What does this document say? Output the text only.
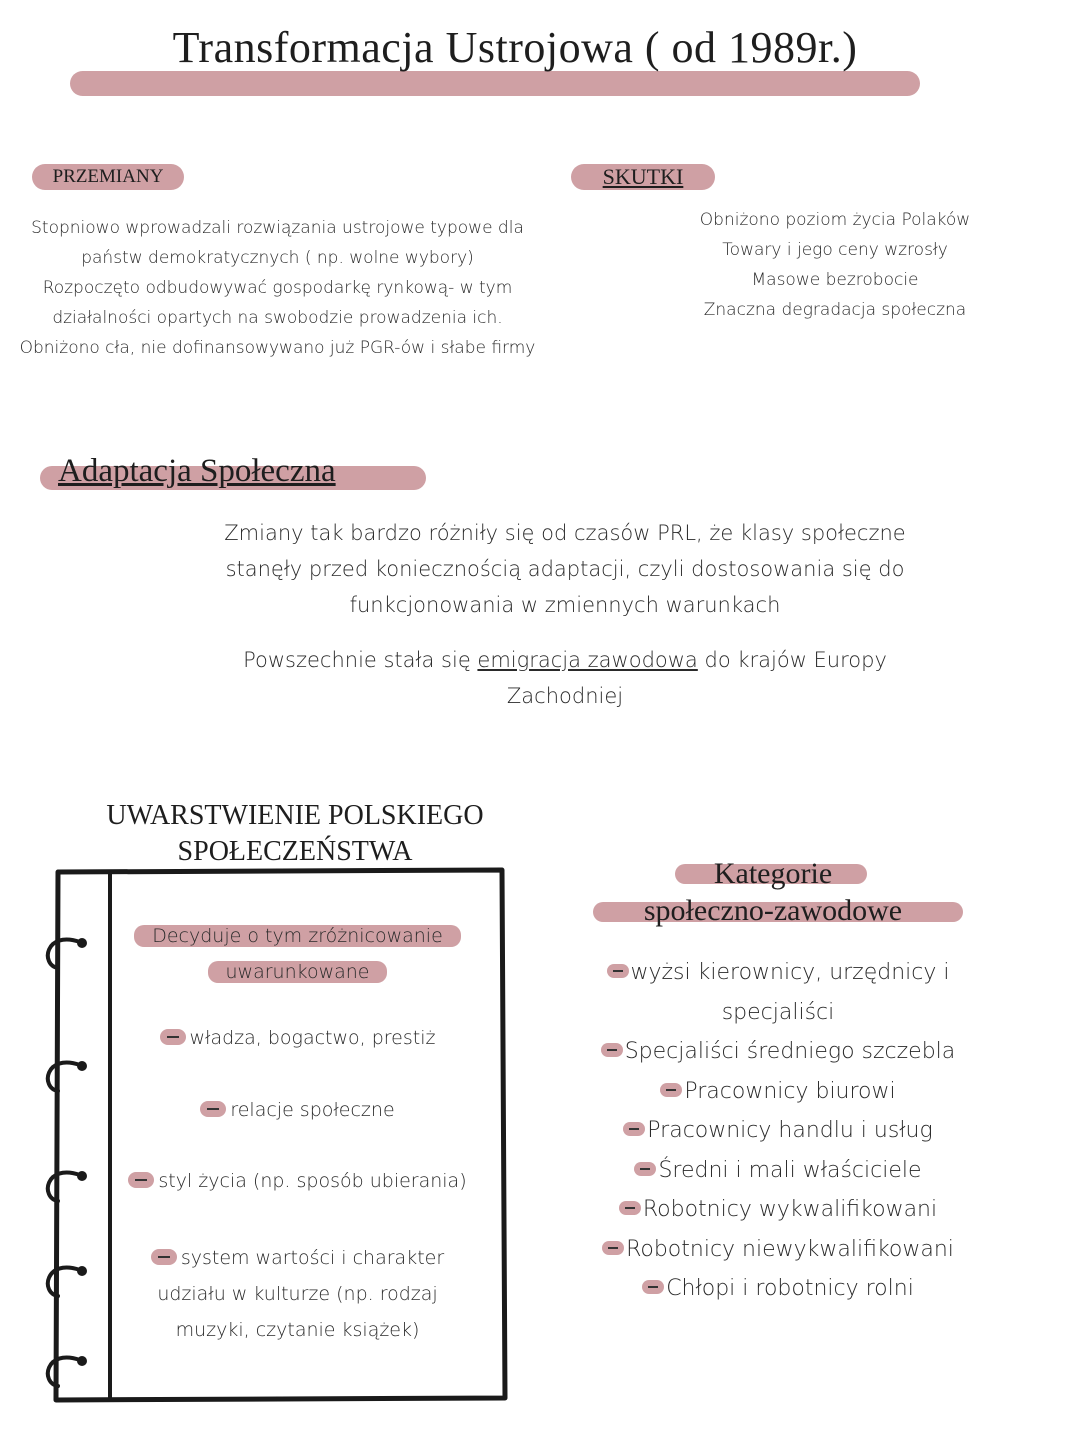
Transformacja Ustrojowa ( od 1989r.)
PRZEMIANY
Stopniowo wprowadzali rozwiązania ustrojowe typowe dla
państw demokratycznych ( np. wolne wybory)
Rozpoczęto odbudowywać gospodarkę rynkową- w tym
działalności opartych na swobodzie prowadzenia ich.
Obniżono cła, nie dofinansowywano już PGR-ów i słabe firmy
SKUTKI
Obniżono poziom życia Polaków
Towary i jego ceny wzrosły
Masowe bezrobocie
Znaczna degradacja społeczna
Adaptacja Społeczna
Zmiany tak bardzo różniły się od czasów PRL, że klasy społeczne
stanęły przed koniecznością adaptacji, czyli dostosowania się do
funkcjonowania w zmiennych warunkach
Powszechnie stała się emigracja zawodowa do krajów Europy
Zachodniej
UWARSTWIENIE POLSKIEGO
SPOŁECZEŃSTWA
Decyduje o tym zróżnicowanie
uwarunkowane
władza, bogactwo, prestiż
relacje społeczne
styl życia (np. sposób ubierania)
system wartości i charakter
udziału w kulturze (np. rodzaj
muzyki, czytanie książek)
Kategorie
społeczno-zawodowe
wyżsi kierownicy, urzędnicy i
specjaliści
Specjaliści średniego szczebla
Pracownicy biurowi
Pracownicy handlu i usług
Średni i mali właściciele
Robotnicy wykwalifikowani
Robotnicy niewykwalifikowani
Chłopi i robotnicy rolni
